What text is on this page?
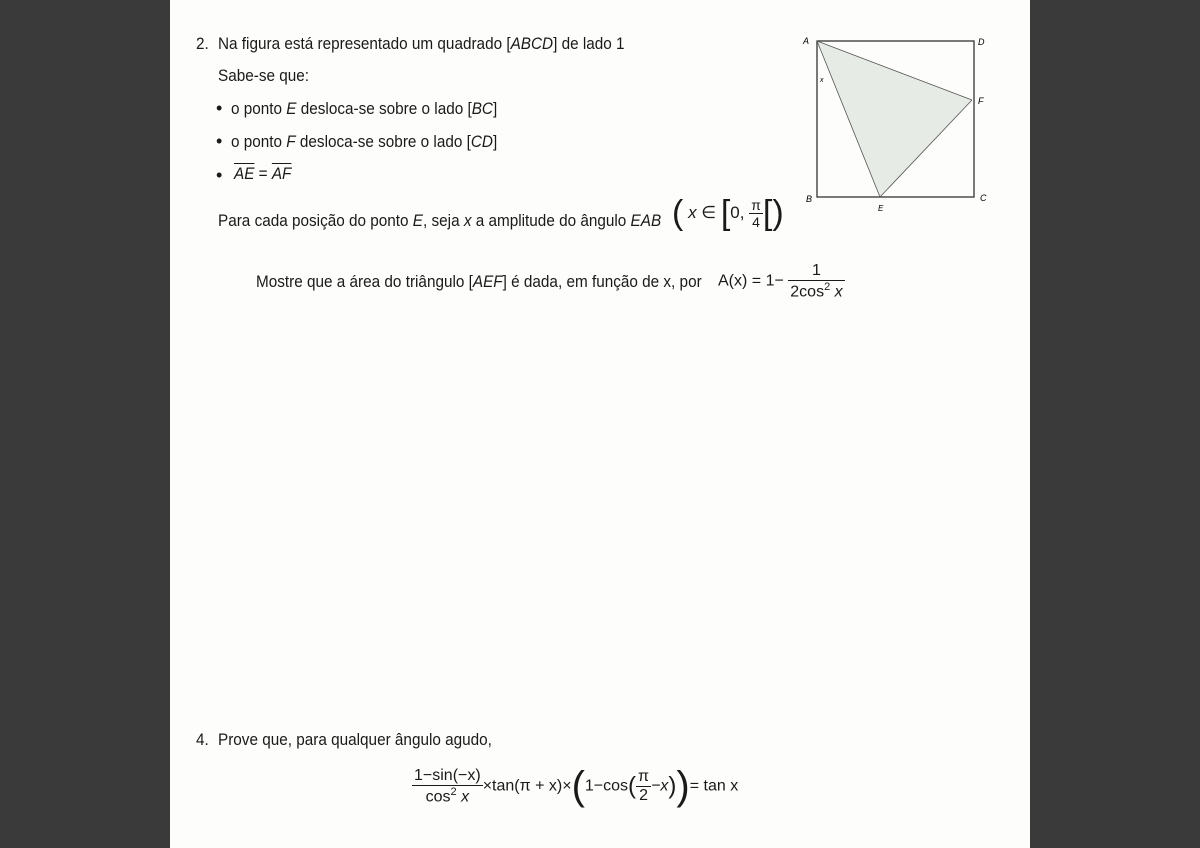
2. Na figura está representado um quadrado [ABCD] de lado 1
Sabe-se que:
• o ponto E desloca-se sobre o lado [BC]
• o ponto F desloca-se sobre o lado [CD]
• $\overline{AE} = \overline{AF}$
Para cada posição do ponto E, seja x a amplitude do ângulo EAB ( x ∈ [0, $\frac{\pi}{4}$ [)
Mostre que a área do triângulo [AEF] é dada, em função de x, por $A(x) = 1- \frac{1}{2\cos^2 x}$
A	D
B	C
F
E
x
4. Prove que, para qualquer ângulo agudo,
$\frac{1-\sin(-x)}{\cos^2 x} \times\tan(\pi + x)\times(1-\cos( \frac{\pi}{2} -x))= \tan x$
